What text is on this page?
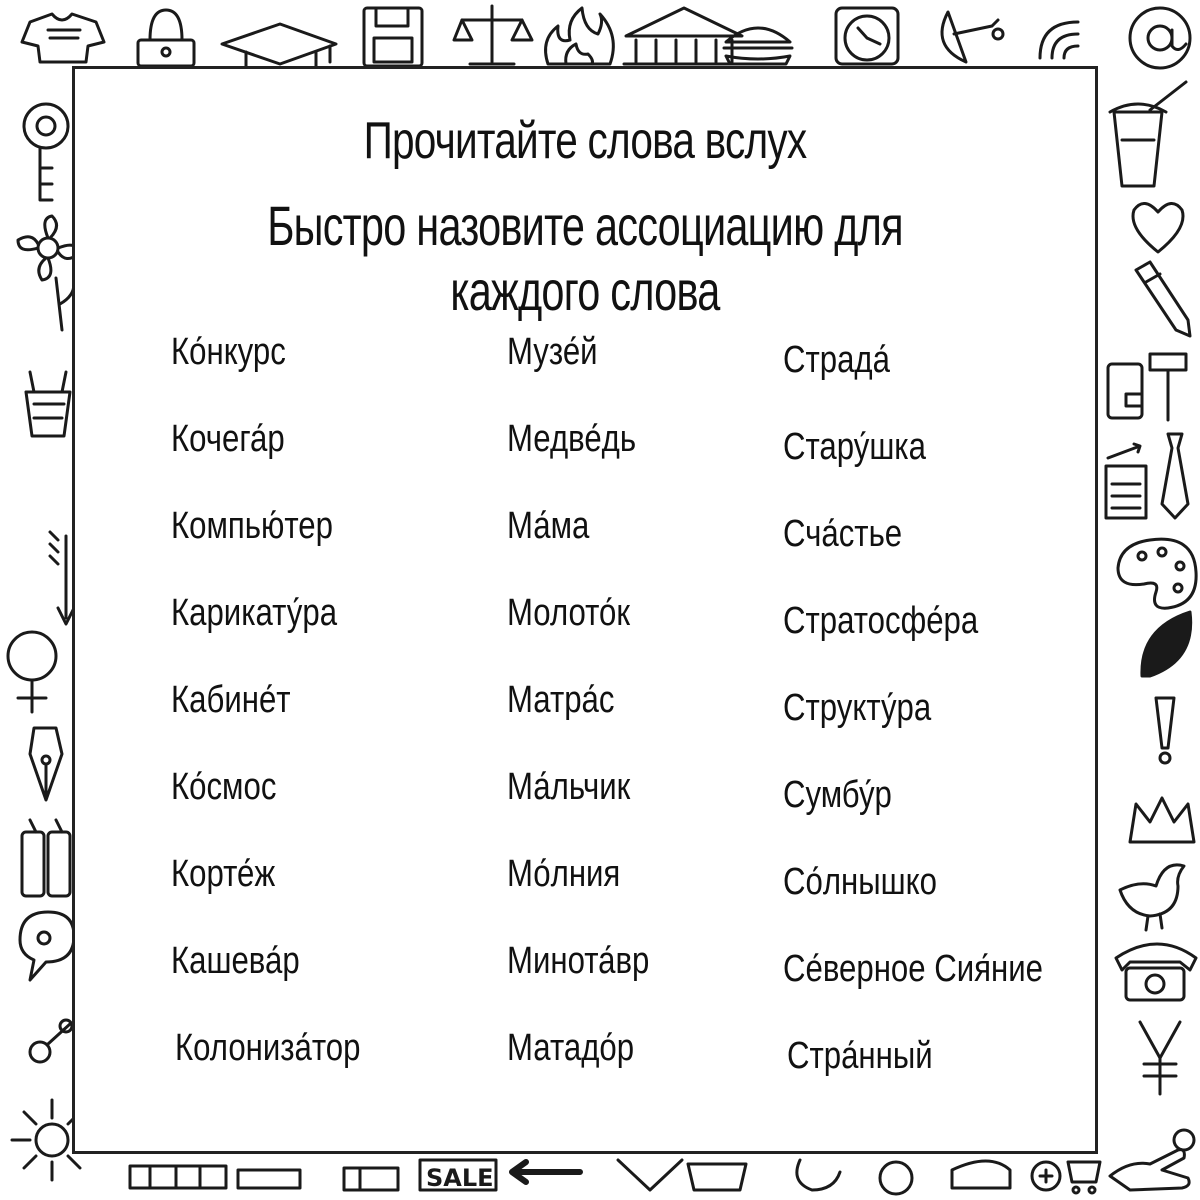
SALE
Прочитайте слова вслух
Быстро назовите ассоциацию для каждого слова
Ко́нкурс
Кочега́р
Компью́тер
Карикату́ра
Кабине́т
Ко́смос
Корте́ж
Кашева́р
Колониза́тор
Музе́й
Медве́дь
Ма́ма
Молото́к
Матра́с
Ма́льчик
Мо́лния
Минота́вр
Матадо́р
Страда́
Стару́шка
Сча́стье
Стратосфе́ра
Структу́ра
Сумбу́р
Со́лнышко
Се́верное Сия́ние
Стра́нный
